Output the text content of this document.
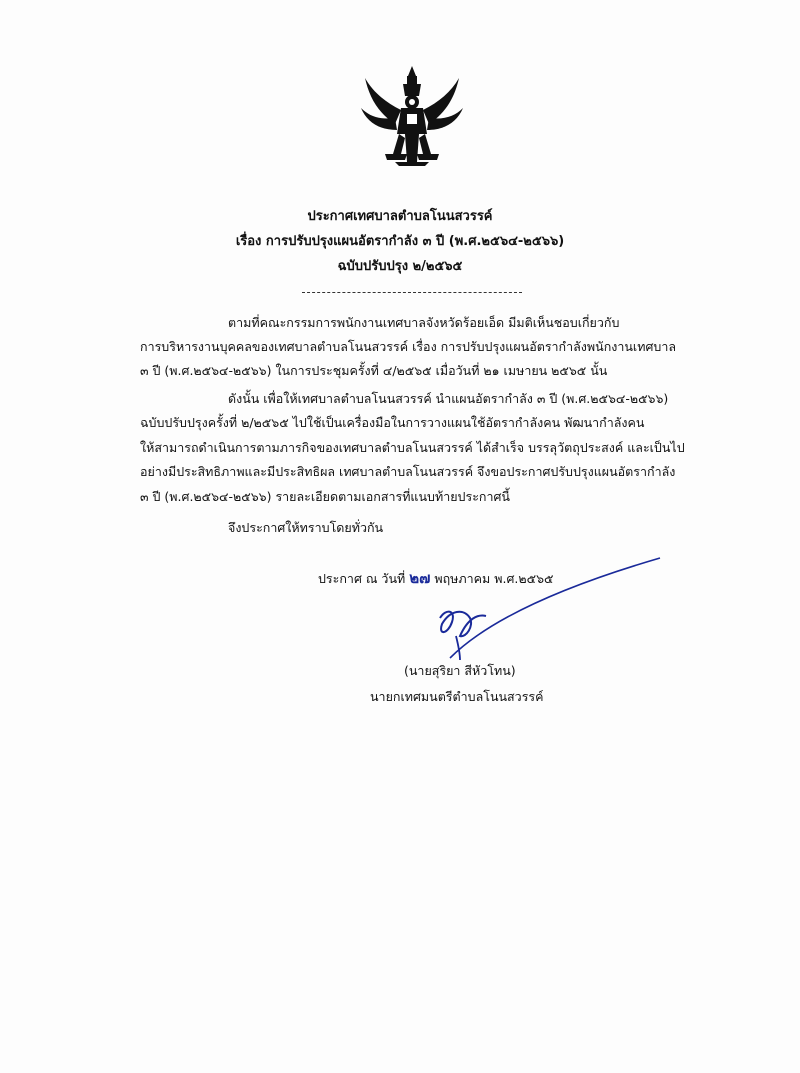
ประกาศเทศบาลตำบลโนนสวรรค์
เรื่อง การปรับปรุงแผนอัตรากำลัง ๓ ปี (พ.ศ.๒๕๖๔-๒๕๖๖)
ฉบับปรับปรุง ๒/๒๕๖๕
ตามที่คณะกรรมการพนักงานเทศบาลจังหวัดร้อยเอ็ด มีมติเห็นชอบเกี่ยวกับ
การบริหารงานบุคคลของเทศบาลตำบลโนนสวรรค์ เรื่อง การปรับปรุงแผนอัตรากำลังพนักงานเทศบาล
๓ ปี (พ.ศ.๒๕๖๔-๒๕๖๖) ในการประชุมครั้งที่ ๔/๒๕๖๕ เมื่อวันที่ ๒๑ เมษายน ๒๕๖๕ นั้น
ดังนั้น เพื่อให้เทศบาลตำบลโนนสวรรค์ นำแผนอัตรากำลัง ๓ ปี (พ.ศ.๒๕๖๔-๒๕๖๖)
ฉบับปรับปรุงครั้งที่ ๒/๒๕๖๕ ไปใช้เป็นเครื่องมือในการวางแผนใช้อัตรากำลังคน พัฒนากำลังคน
ให้สามารถดำเนินการตามภารกิจของเทศบาลตำบลโนนสวรรค์ ได้สำเร็จ บรรลุวัตถุประสงค์ และเป็นไป
อย่างมีประสิทธิภาพและมีประสิทธิผล เทศบาลตำบลโนนสวรรค์ จึงขอประกาศปรับปรุงแผนอัตรากำลัง
๓ ปี (พ.ศ.๒๕๖๔-๒๕๖๖) รายละเอียดตามเอกสารที่แนบท้ายประกาศนี้
จึงประกาศให้ทราบโดยทั่วกัน
ประกาศ ณ วันที่ ๒๗ พฤษภาคม พ.ศ.๒๕๖๕
(นายสุริยา สีหัวโทน)
นายกเทศมนตรีตำบลโนนสวรรค์
